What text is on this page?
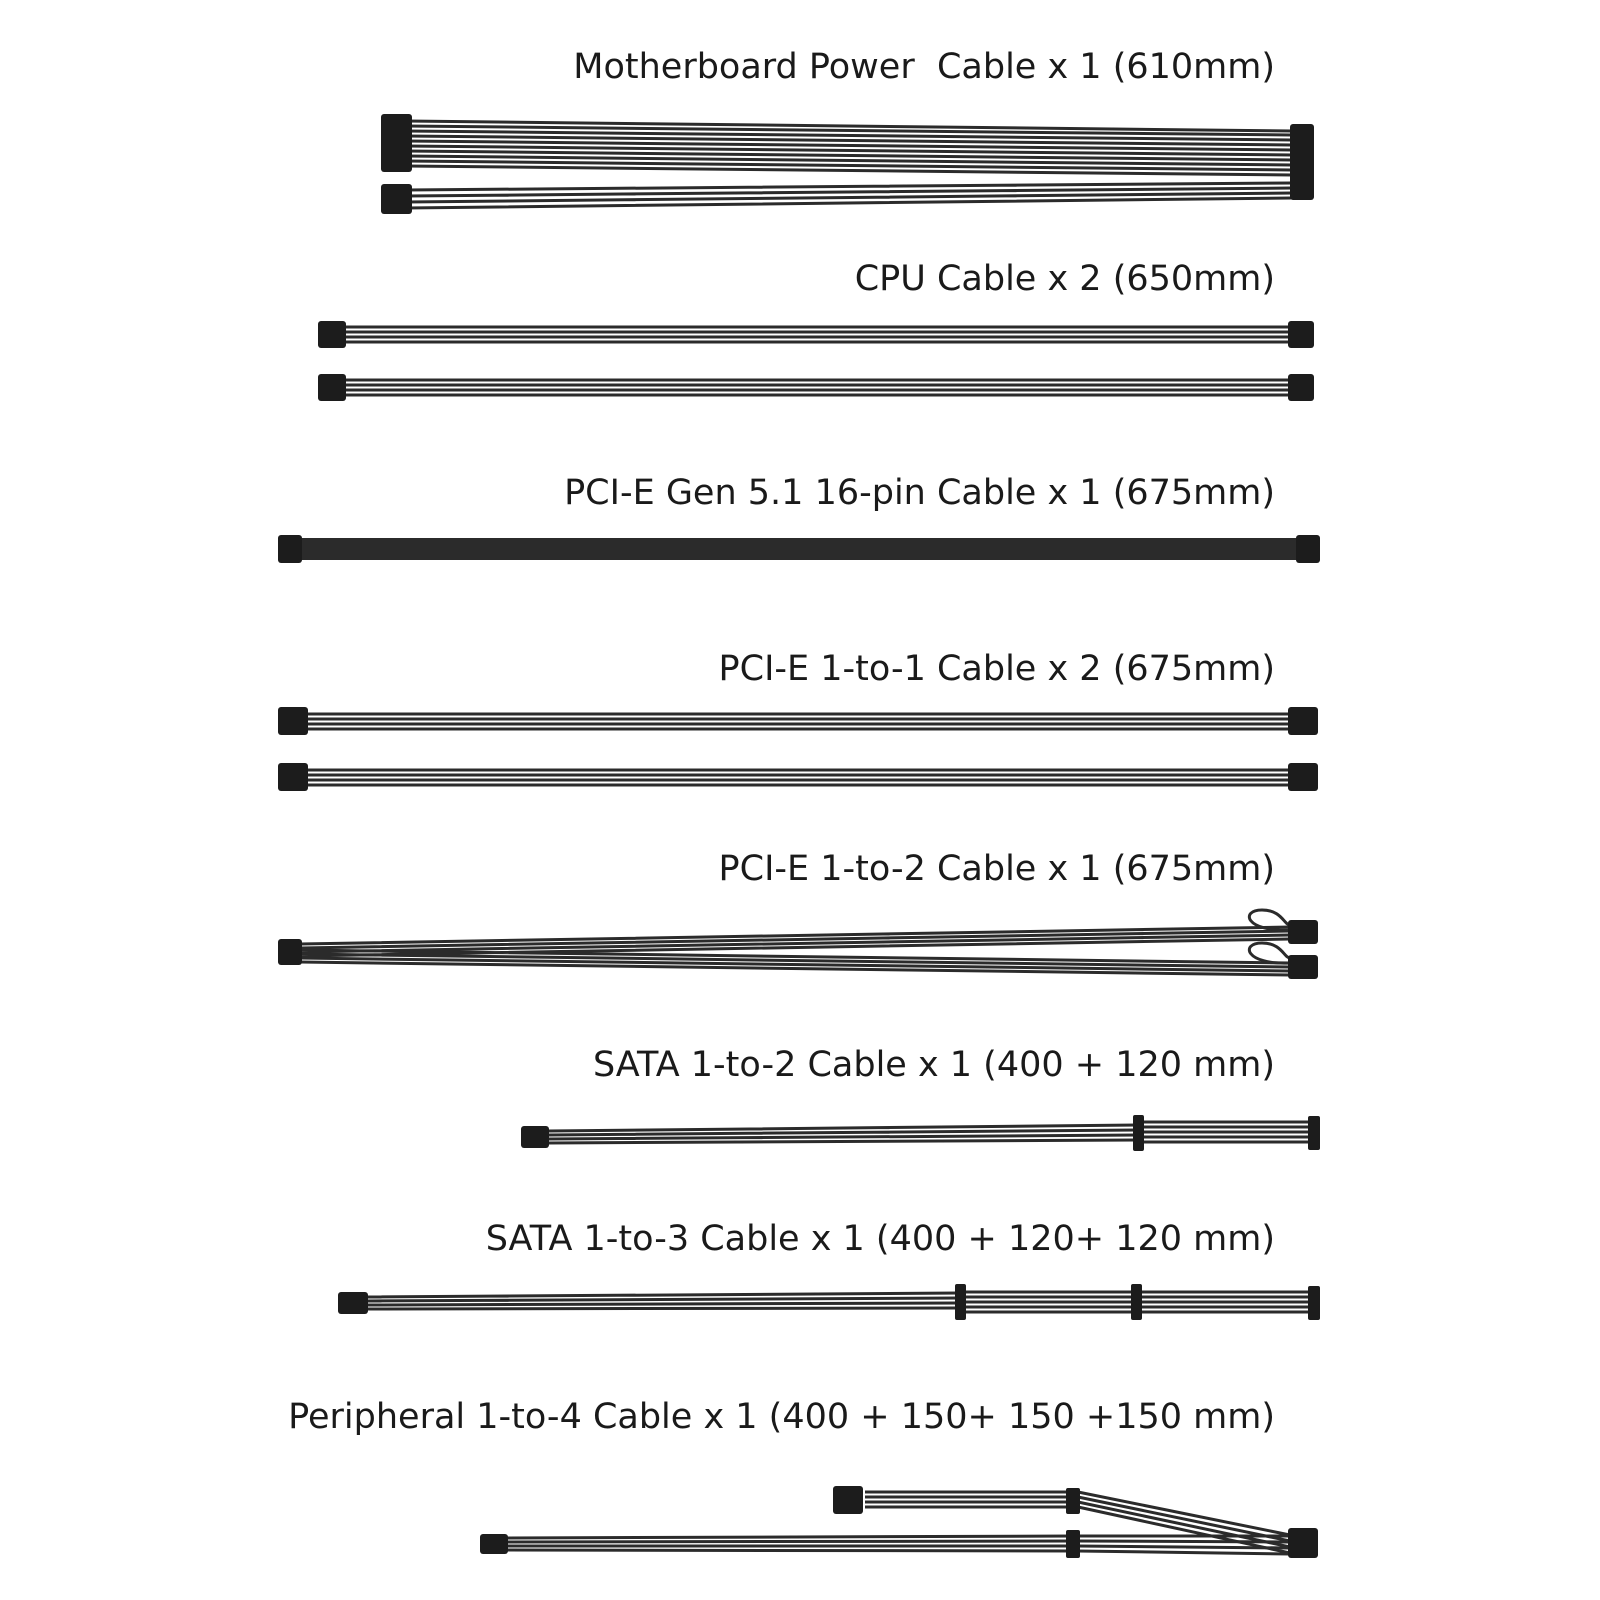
Motherboard Power  Cable x 1 (610mm)
CPU Cable x 2 (650mm)
PCI-E Gen 5.1 16-pin Cable x 1 (675mm)
PCI-E 1-to-1 Cable x 2 (675mm)
PCI-E 1-to-2 Cable x 1 (675mm)
SATA 1-to-2 Cable x 1 (400 + 120 mm)
SATA 1-to-3 Cable x 1 (400 + 120+ 120 mm)
Peripheral 1-to-4 Cable x 1 (400 + 150+ 150 +150 mm)
